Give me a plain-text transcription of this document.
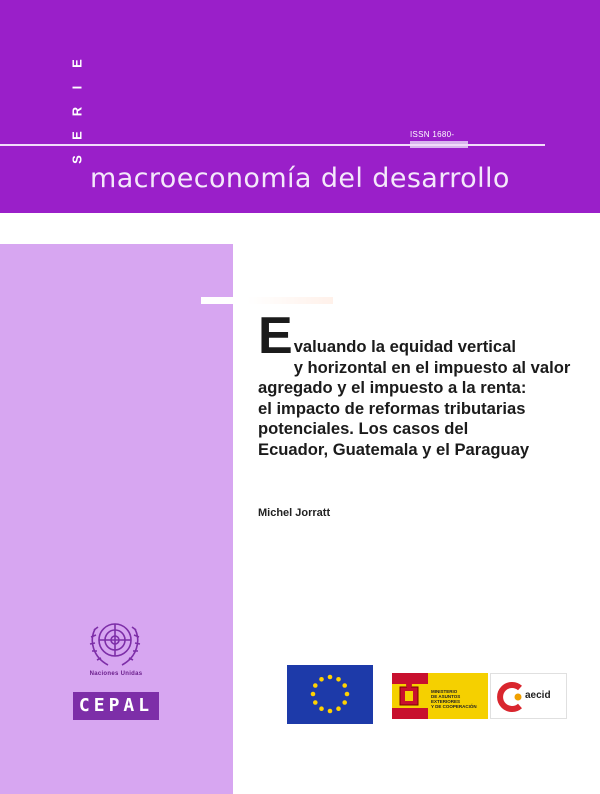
S
E
R
I
E
ISSN 1680-
macroeconomía del desarrollo
E valuando la equidad vertical
y horizontal en el impuesto al valor
agregado y el impuesto a la renta:
el impacto de reformas tributarias
potenciales. Los casos del
Ecuador, Guatemala y el Paraguay
Michel Jorratt
Naciones Unidas
CEPAL
MINISTERIO
DE ASUNTOS EXTERIORES
Y DE COOPERACIÓN
aecid
